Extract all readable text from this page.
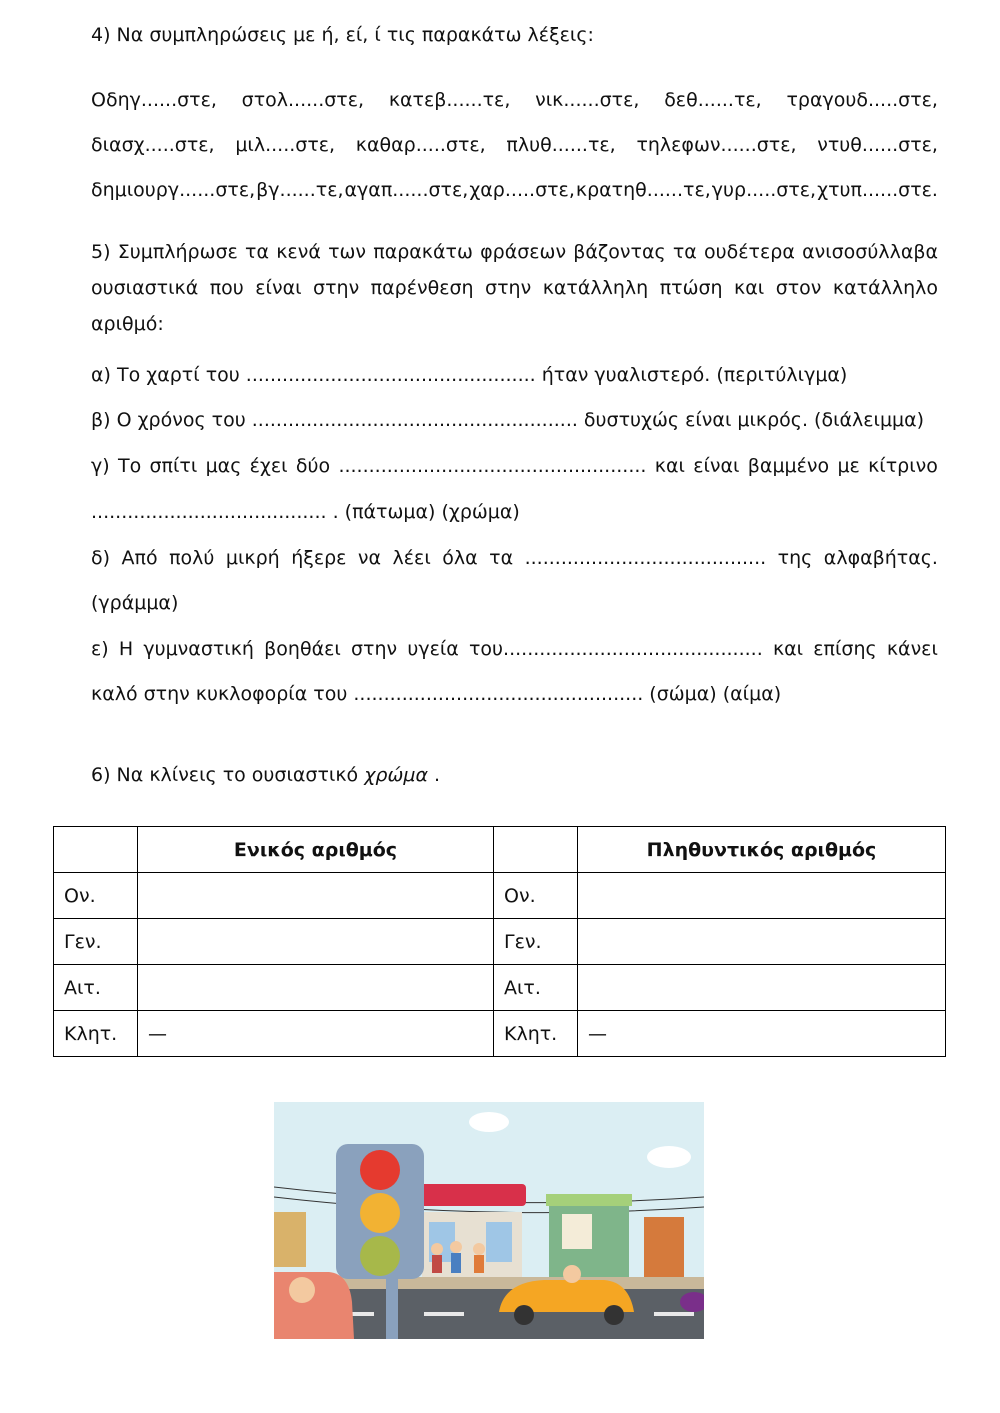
4) Να συμπληρώσεις με ή, εί, ί τις παρακάτω λέξεις:
Οδηγ......στε, στολ......στε, κατεβ......τε, νικ......στε, δεθ......τε, τραγουδ.....στε,
διασχ.....στε, μιλ.....στε, καθαρ.....στε, πλυθ......τε, τηλεφων......στε, ντυθ......στε,
δημιουργ......στε, βγ......τε, αγαπ......στε, χαρ.....στε, κρατηθ......τε, γυρ.....στε, χτυπ......στε.
5) Συμπλήρωσε τα κενά των παρακάτω φράσεων βάζοντας τα ουδέτερα ανισοσύλλαβα ουσιαστικά που είναι στην παρένθεση στην κατάλληλη πτώση και στον κατάλληλο αριθμό:
α) Το χαρτί του ................................................ ήταν γυαλιστερό. (περιτύλιγμα)
β) Ο χρόνος του ...................................................... δυστυχώς είναι μικρός. (διάλειμμα)
γ) Το σπίτι μας έχει δύο ................................................... και είναι βαμμένο με κίτρινο
....................................... . (πάτωμα) (χρώμα)
δ) Από πολύ μικρή ήξερε να λέει όλα τα ........................................ της αλφαβήτας.
(γράμμα)
ε) Η γυμναστική βοηθάει στην υγεία του........................................... και επίσης κάνει
καλό στην κυκλοφορία του ................................................ (σώμα) (αίμα)
6) Να κλίνεις το ουσιαστικό χρώμα .
	Ενικός αριθμός		Πληθυντικός αριθμός
Ον.		Ον.	
Γεν.		Γεν.	
Αιτ.		Αιτ.	
Κλητ.	—	Κλητ.	—
